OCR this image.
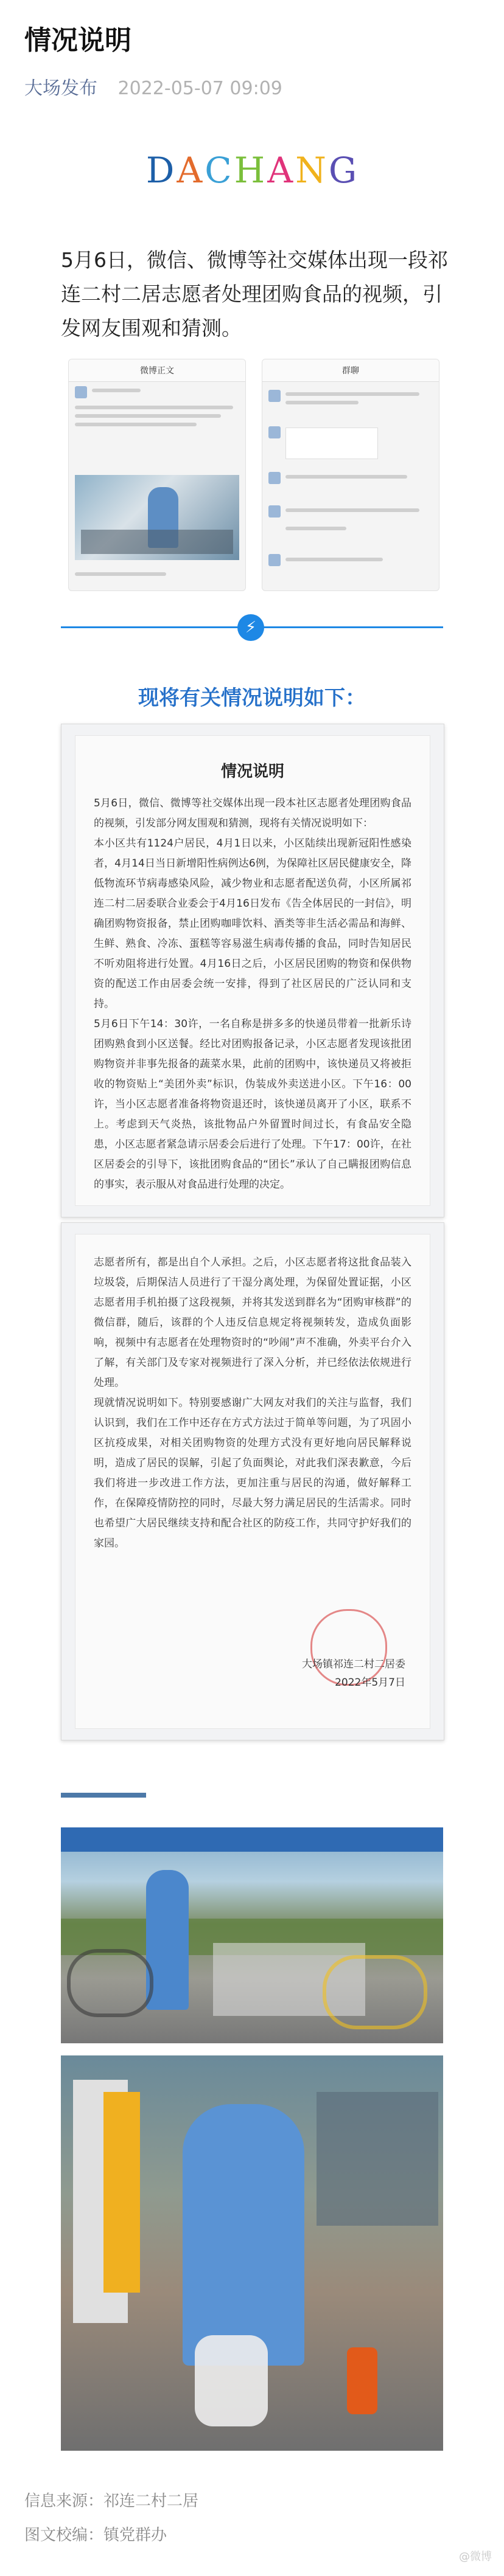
情况说明
大场发布 2022-05-07 09:09
D A C H A N G
5月6日，微信、微博等社交媒体出现一段祁连二村二居志愿者处理团购食品的视频，引发网友围观和猜测。
微博正文	群聊
⚡
现将有关情况说明如下：
情况说明
5月6日，微信、微博等社交媒体出现一段本社区志愿者处理团购食品的视频，引发部分网友围观和猜测，现将有关情况说明如下：
本小区共有1124户居民，4月1日以来，小区陆续出现新冠阳性感染者，4月14日当日新增阳性病例达6例，为保障社区居民健康安全，降低物流环节病毒感染风险，减少物业和志愿者配送负荷，小区所属祁连二村二居委联合业委会于4月16日发布《告全体居民的一封信》，明确团购物资报备，禁止团购咖啡饮料、酒类等非生活必需品和海鲜、生鲜、熟食、冷冻、蛋糕等容易滋生病毒传播的食品，同时告知居民不听劝阻将进行处置。4月16日之后，小区居民团购的物资和保供物资的配送工作由居委会统一安排，得到了社区居民的广泛认同和支持。
5月6日下午14：30许，一名自称是拼多多的快递员带着一批新乐诗团购熟食到小区送餐。经比对团购报备记录，小区志愿者发现该批团购物资并非事先报备的蔬菜水果，此前的团购中，该快递员又将被拒收的物资贴上“美团外卖”标识，伪装成外卖送进小区。下午16：00许，当小区志愿者准备将物资退还时，该快递员离开了小区，联系不上。考虑到天气炎热，该批物品户外留置时间过长，有食品安全隐患，小区志愿者紧急请示居委会后进行了处理。下午17：00许，在社区居委会的引导下，该批团购食品的“团长”承认了自己瞒报团购信息的事实，表示服从对食品进行处理的决定。
志愿者所有，都是出自个人承担。之后，小区志愿者将这批食品装入垃圾袋，后期保洁人员进行了干湿分离处理，为保留处置证据，小区志愿者用手机拍摄了这段视频，并将其发送到群名为“团购审核群”的微信群，随后，该群的个人违反信息规定将视频转发，造成负面影响，视频中有志愿者在处理物资时的“吵闹”声不准确，外卖平台介入了解，有关部门及专家对视频进行了深入分析，并已经依法依规进行处理。
现就情况说明如下。特别要感谢广大网友对我们的关注与监督，我们认识到，我们在工作中还存在方式方法过于简单等问题，为了巩固小区抗疫成果，对相关团购物资的处理方式没有更好地向居民解释说明，造成了居民的误解，引起了负面舆论，对此我们深表歉意，今后我们将进一步改进工作方法，更加注重与居民的沟通，做好解释工作，在保障疫情防控的同时，尽最大努力满足居民的生活需求。同时也希望广大居民继续支持和配合社区的防疫工作，共同守护好我们的家园。
大场镇祁连二村二居委
2022年5月7日
信息来源：祁连二村二居
图文校编：镇党群办
@微博
